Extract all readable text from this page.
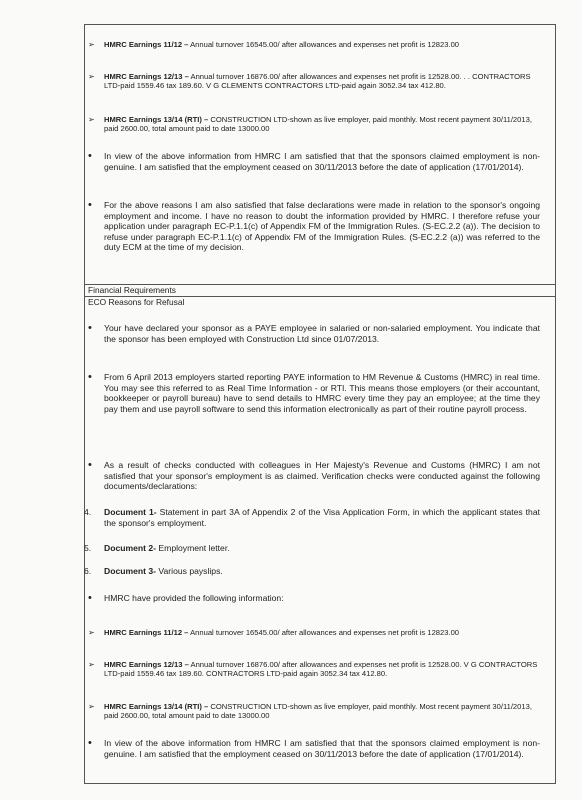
➢ HMRC Earnings 11/12 – Annual turnover 16545.00/ after allowances and expenses net profit is 12823.00
➢ HMRC Earnings 12/13 – Annual turnover 16876.00/ after allowances and expenses net profit is 12528.00. . . CONTRACTORS LTD-paid 1559.46 tax 189.60. V G CLEMENTS CONTRACTORS LTD-paid again 3052.34 tax 412.80.
➢ HMRC Earnings 13/14 (RTI) – CONSTRUCTION LTD-shown as live employer, paid monthly. Most recent payment 30/11/2013, paid 2600.00, total amount paid to date 13000.00
• In view of the above information from HMRC I am satisfied that that the sponsors claimed employment is non-genuine. I am satisfied that the employment ceased on 30/11/2013 before the date of application (17/01/2014).
• For the above reasons I am also satisfied that false declarations were made in relation to the sponsor's ongoing employment and income. I have no reason to doubt the information provided by HMRC. I therefore refuse your application under paragraph EC-P.1.1(c) of Appendix FM of the Immigration Rules. (S-EC.2.2 (a)). The decision to refuse under paragraph EC-P.1.1(c) of Appendix FM of the Immigration Rules. (S-EC.2.2 (a)) was referred to the duty ECM at the time of my decision.
Financial Requirements
ECO Reasons for Refusal
• Your have declared your sponsor as a PAYE employee in salaried or non-salaried employment. You indicate that the sponsor has been employed with Construction Ltd since 01/07/2013.
• From 6 April 2013 employers started reporting PAYE information to HM Revenue & Customs (HMRC) in real time. You may see this referred to as Real Time Information - or RTI. This means those employers (or their accountant, bookkeeper or payroll bureau) have to send details to HMRC every time they pay an employee; at the time they pay them and use payroll software to send this information electronically as part of their routine payroll process.
• As a result of checks conducted with colleagues in Her Majesty's Revenue and Customs (HMRC) I am not satisfied that your sponsor's employment is as claimed. Verification checks were conducted against the following documents/declarations:
4. Document 1- Statement in part 3A of Appendix 2 of the Visa Application Form, in which the applicant states that the sponsor's employment.
5. Document 2- Employment letter.
6. Document 3- Various payslips.
• HMRC have provided the following information:
➢ HMRC Earnings 11/12 – Annual turnover 16545.00/ after allowances and expenses net profit is 12823.00
➢ HMRC Earnings 12/13 – Annual turnover 16876.00/ after allowances and expenses net profit is 12528.00. V G CONTRACTORS LTD-paid 1559.46 tax 189.60. CONTRACTORS LTD-paid again 3052.34 tax 412.80.
➢ HMRC Earnings 13/14 (RTI) – CONSTRUCTION LTD-shown as live employer, paid monthly. Most recent payment 30/11/2013, paid 2600.00, total amount paid to date 13000.00
• In view of the above information from HMRC I am satisfied that that the sponsors claimed employment is non-genuine. I am satisfied that the employment ceased on 30/11/2013 before the date of application (17/01/2014).
